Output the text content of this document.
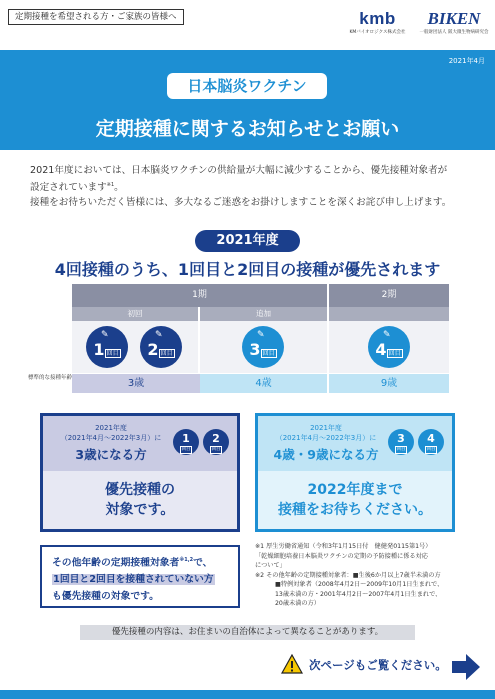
定期接種を希望される方・ご家族の皆様へ	kmb
KMバイオロジクス株式会社
BIKEN
一般財団法人 阪大微生物病研究会
2021年4月
日本脳炎ワクチン
定期接種に関するお知らせとお願い

2021年度においては、日本脳炎ワクチンの供給量が大幅に減少することから、優先接種対象者が

設定されています$^{※1}$。

接種をお待ちいただく皆様には、多大なるご迷惑をお掛けしますことを深くお詫び申し上げます。

2021年度
4回接種のうち、1回目と2回目の接種が優先されます
1期	2期
初回	追加
✎
1 回目
✎
2 回目
✎
3 回目
✎
4 回目
標準的な接種年齢	3歳	4歳	9歳
2021年度
（2021年4月〜2022年3月）に
3歳になる方
1
回目
2
回目
優先接種の
対象です。
2021年度
（2021年4月〜2022年3月）に
4歳・9歳になる方
3
回目
4
回目
2022年度まで
接種をお待ちください。
その他年齢の定期接種対象者$^{※1,2}$で、
1回目と2回目を接種されていない方
も優先接種の対象です。
※1 厚生労働省通知（令和3年1月15日付　健健発0115第1号）
「乾燥細胞培養日本脳炎ワクチンの定期の予防接種に係る対応
について」
※2 その他年齢の定期接種対象者：■生後6か月以上7歳半未満の方
■特例対象者（2008年4月2日〜2009年10月1日生まれで、
13歳未満の方・2001年4月2日〜2007年4月1日生まれで、
20歳未満の方）
優先接種の内容は、お住まいの自治体によって異なることがあります。
次ページもご覧ください。
